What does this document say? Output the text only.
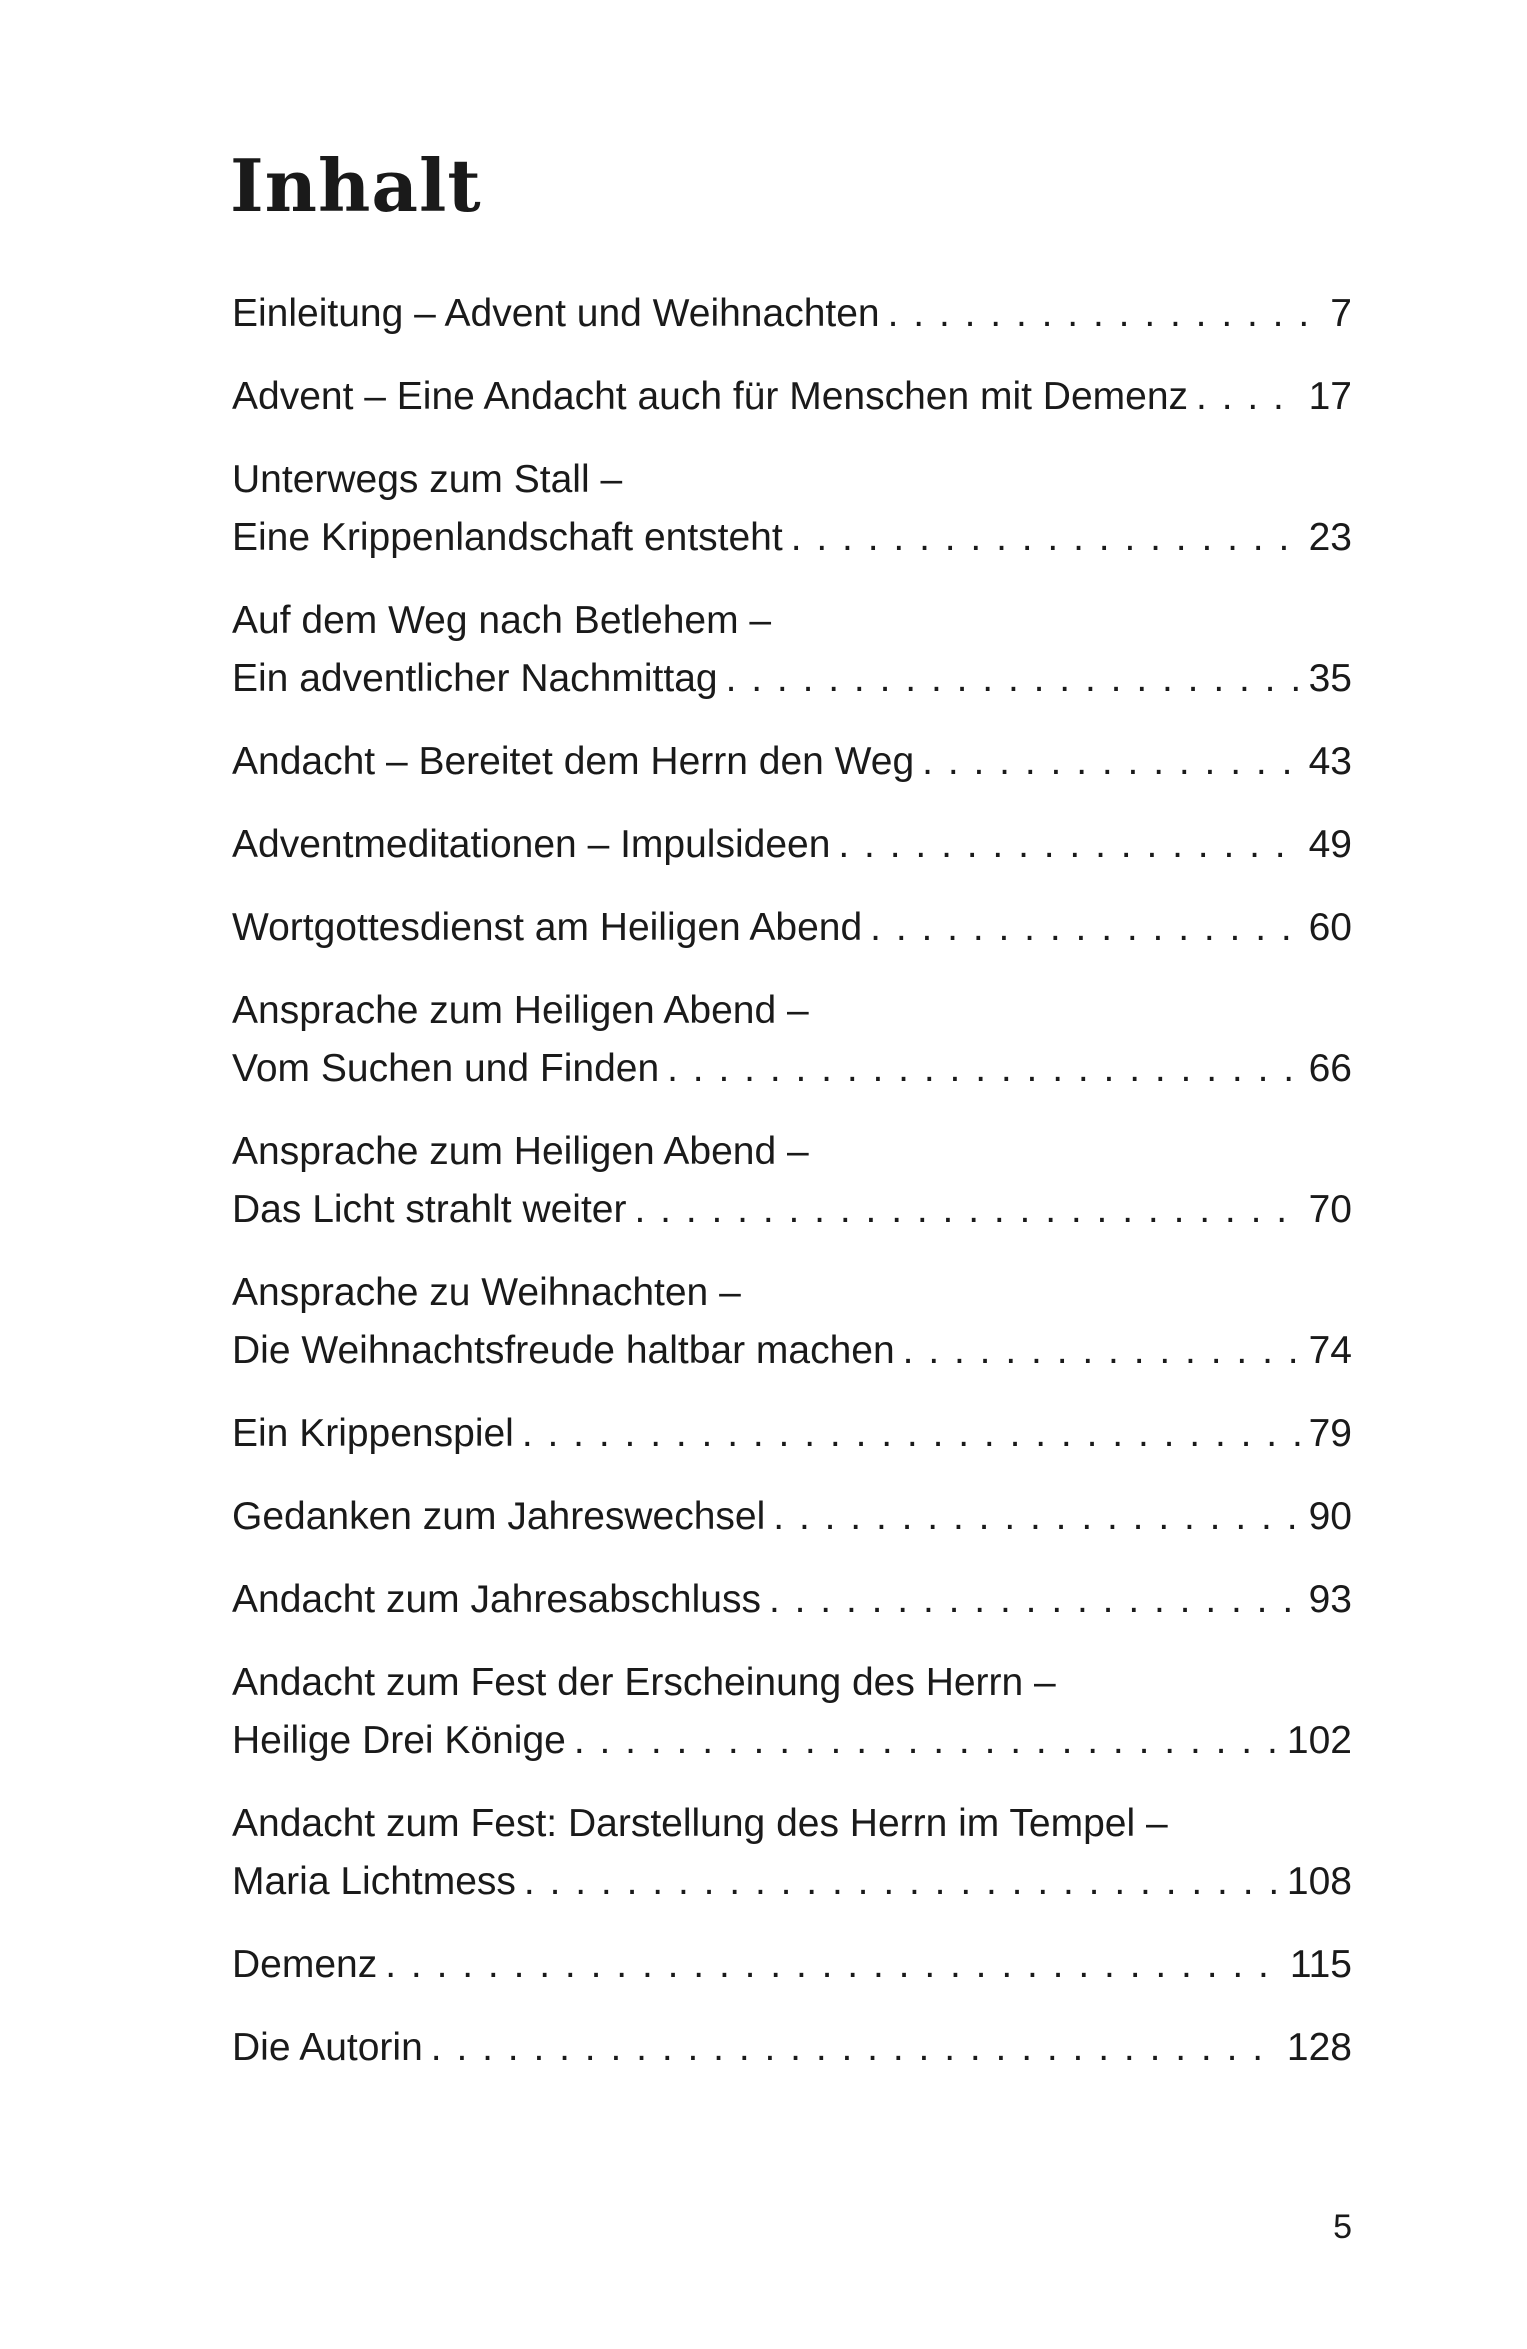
Inhalt
Einleitung – Advent und Weihnachten . . .	7
Advent – Eine Andacht auch für Menschen mit Demenz . . .	17
Unterwegs zum Stall –
Eine Krippenlandschaft entsteht . . .	23
Auf dem Weg nach Betlehem –
Ein adventlicher Nachmittag . . .	35
Andacht – Bereitet dem Herrn den Weg . . .	43
Adventmeditationen – Impulsideen . . .	49
Wortgottesdienst am Heiligen Abend . . .	60
Ansprache zum Heiligen Abend –
Vom Suchen und Finden . . .	66
Ansprache zum Heiligen Abend –
Das Licht strahlt weiter . . .	70
Ansprache zu Weihnachten –
Die Weihnachtsfreude haltbar machen . . .	74
Ein Krippenspiel . . .	79
Gedanken zum Jahreswechsel . . .	90
Andacht zum Jahresabschluss . . .	93
Andacht zum Fest der Erscheinung des Herrn –
Heilige Drei Könige . . .	102
Andacht zum Fest: Darstellung des Herrn im Tempel –
Maria Lichtmess . . .	108
Demenz . . .	115
Die Autorin . . .	128
5
